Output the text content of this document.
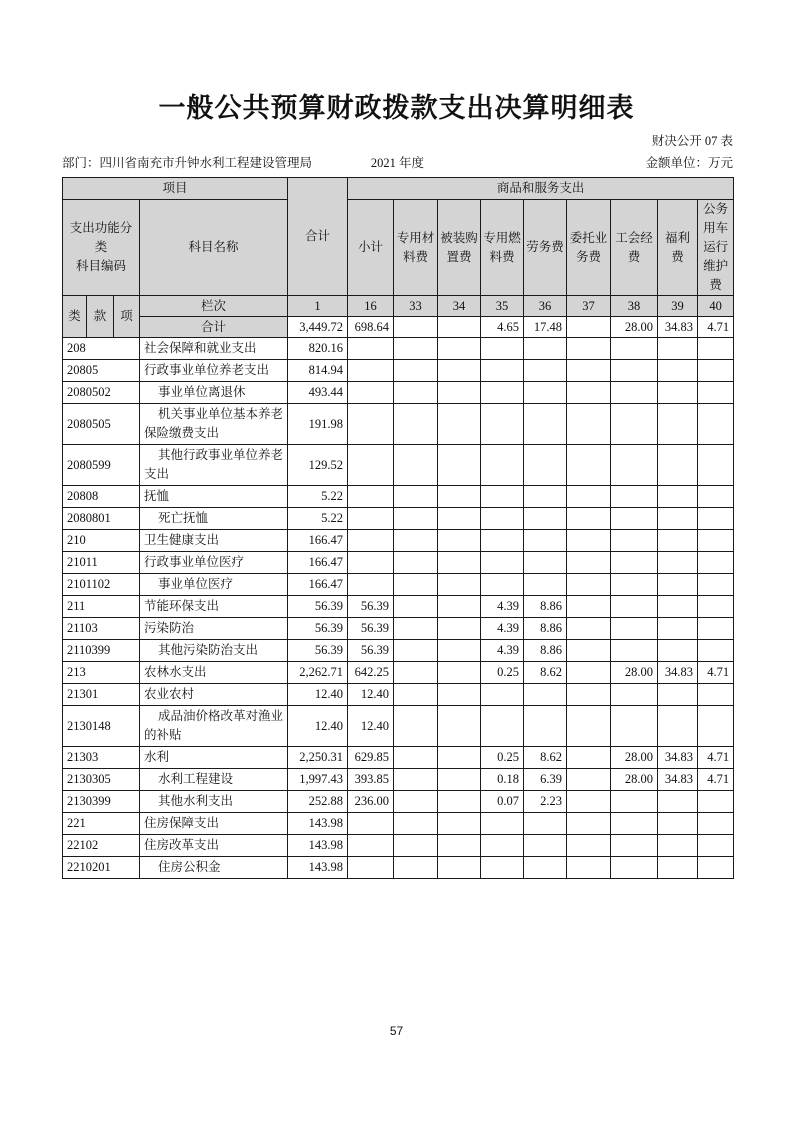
一般公共预算财政拨款支出决算明细表
财决公开 07 表
部门：四川省南充市升钟水利工程建设管理局	2021 年度	金额单位：万元
项目				合计	商品和服务支出								

支出功能分类
科目编码			科目名称		小计	专用材料费	被装购置费	专用燃料费	劳务费	委托业务费	工会经费	福利费	公务用车运行维护费
类	款	项	栏次	1	16	33	34	35	36	37	38	39	40
			合计	3,449.72	698.64			4.65	17.48		28.00	34.83	4.71
208			社会保障和就业支出	820.16									
20805			行政事业单位养老支出	814.94									
2080502			事业单位离退休	493.44									
2080505			机关事业单位基本养老保险缴费支出	191.98									
2080599			其他行政事业单位养老支出	129.52									
20808			抚恤	5.22									
2080801			死亡抚恤	5.22									
210			卫生健康支出	166.47									
21011			行政事业单位医疗	166.47									
2101102			事业单位医疗	166.47									
211			节能环保支出	56.39	56.39			4.39	8.86				
21103			污染防治	56.39	56.39			4.39	8.86				
2110399			其他污染防治支出	56.39	56.39			4.39	8.86				
213			农林水支出	2,262.71	642.25			0.25	8.62		28.00	34.83	4.71
21301			农业农村	12.40	12.40								
2130148			成品油价格改革对渔业的补贴	12.40	12.40								
21303			水利	2,250.31	629.85			0.25	8.62		28.00	34.83	4.71
2130305			水利工程建设	1,997.43	393.85			0.18	6.39		28.00	34.83	4.71
2130399			其他水利支出	252.88	236.00			0.07	2.23				
221			住房保障支出	143.98									
22102			住房改革支出	143.98									
2210201			住房公积金	143.98									
57
